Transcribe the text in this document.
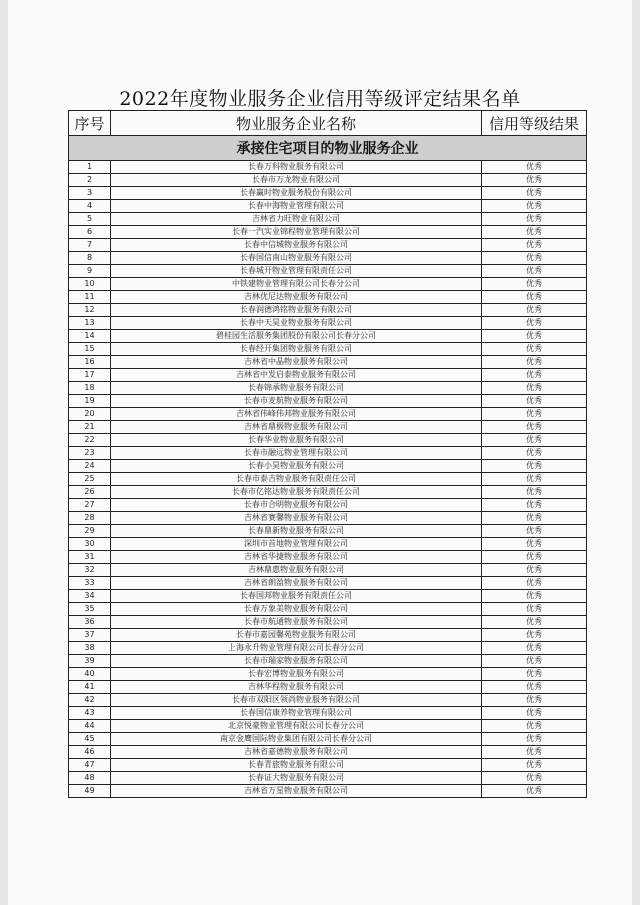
2022年度物业服务企业信用等级评定结果名单
序号	物业服务企业名称	信用等级结果
承接住宅项目的物业服务企业		
1	长春万科物业服务有限公司	优秀
2	长春市万龙物业有限公司	优秀
3	长春赢时物业服务股份有限公司	优秀
4	长春中海物业管理有限公司	优秀
5	吉林省力旺物业有限公司	优秀
6	长春一汽实业锦程物业管理有限公司	优秀
7	长春中信城物业服务有限公司	优秀
8	长春国信南山物业服务有限公司	优秀
9	长春城开物业管理有限责任公司	优秀
10	中铁建物业管理有限公司长春分公司	优秀
11	吉林优尼达物业服务有限公司	优秀
12	长春润德鸿铭物业服务有限公司	优秀
13	长春中天昊业物业服务有限公司	优秀
14	碧桂园生活服务集团股份有限公司长春分公司	优秀
15	长春经开集团物业服务有限公司	优秀
16	吉林省中晶物业服务有限公司	优秀
17	吉林省中发启泰物业服务有限公司	优秀
18	长春锦承物业服务有限公司	优秀
19	长春市麦航物业服务有限公司	优秀
20	吉林省伟峰伟邦物业服务有限公司	优秀
21	吉林省鼎极物业服务有限公司	优秀
22	长春华业物业服务有限公司	优秀
23	长春市融远物业管理有限公司	优秀
24	长春小昊物业服务有限公司	优秀
25	长春市泰吉物业服务有限责任公司	优秀
26	长春市亿铭达物业服务有限责任公司	优秀
27	长春市合明物业服务有限公司	优秀
28	吉林省赛馨物业服务有限公司	优秀
29	长春鼎新物业服务有限公司	优秀
30	深圳市首地物业管理有限公司	优秀
31	吉林省华捷物业服务有限公司	优秀
32	吉林鼎惠物业服务有限公司	优秀
33	吉林省朗盈物业服务有限公司	优秀
34	长春国邦物业服务有限责任公司	优秀
35	长春万象美物业服务有限公司	优秀
36	长春市航通物业服务有限公司	优秀
37	长春市嘉园馨苑物业服务有限公司	优秀
38	上海永升物业管理有限公司长春分公司	优秀
39	长春市瑞家物业服务有限公司	优秀
40	长春宏博物业服务有限公司	优秀
41	吉林华程物业服务有限公司	优秀
42	长春市双阳区领尚物业服务有限公司	优秀
43	长春国信康养物业管理有限公司	优秀
44	北京悦豪物业管理有限公司长春分公司	优秀
45	南京金鹰国际物业集团有限公司长春分公司	优秀
46	吉林省嘉德物业服务有限公司	优秀
47	长春青旅物业服务有限公司	优秀
48	长春证大物业服务有限公司	优秀
49	吉林省万星物业服务有限公司	优秀
